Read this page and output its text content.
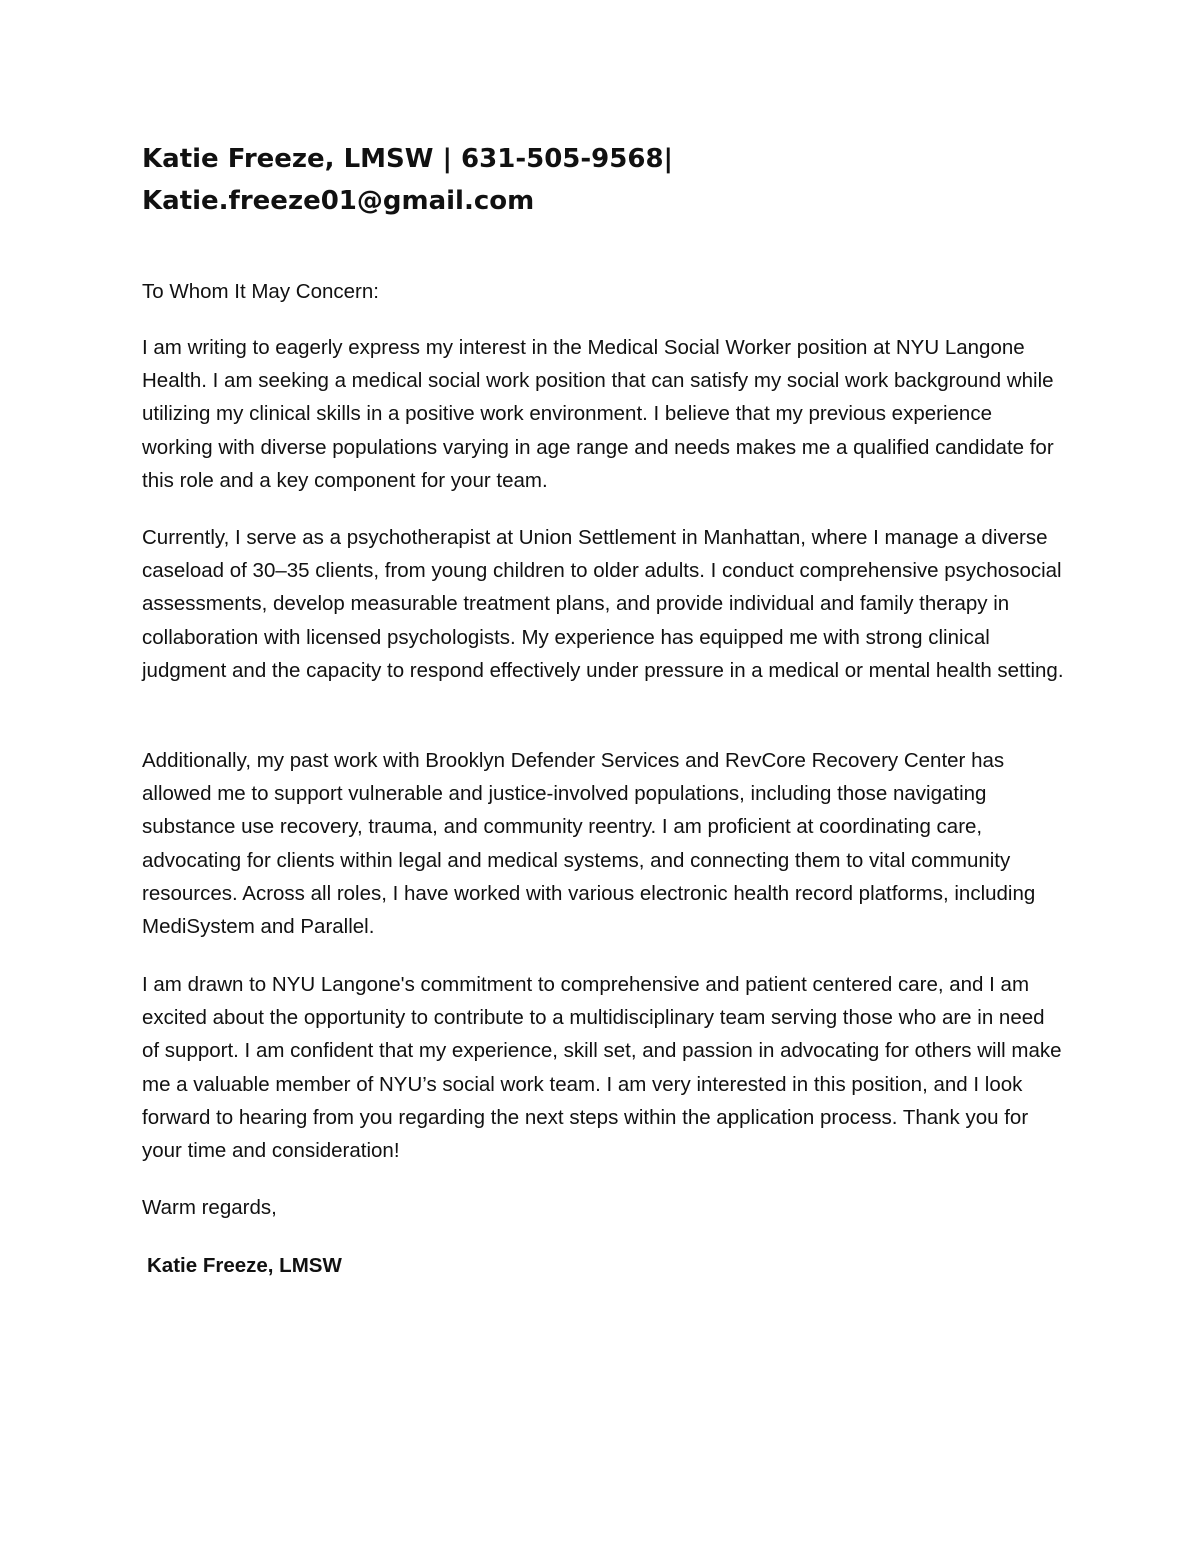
Katie Freeze, LMSW | 631-505-9568|
Katie.freeze01@gmail.com

To Whom It May Concern:

I am writing to eagerly express my interest in the Medical Social Worker position at NYU Langone Health. I am seeking a medical social work position that can satisfy my social work background while utilizing my clinical skills in a positive work environment. I believe that my previous experience working with diverse populations varying in age range and needs makes me a qualified candidate for this role and a key component for your team.

Currently, I serve as a psychotherapist at Union Settlement in Manhattan, where I manage a diverse caseload of 30–35 clients, from young children to older adults. I conduct comprehensive psychosocial assessments, develop measurable treatment plans, and provide individual and family therapy in collaboration with licensed psychologists. My experience has equipped me with strong clinical judgment and the capacity to respond effectively under pressure in a medical or mental health setting.

Additionally, my past work with Brooklyn Defender Services and RevCore Recovery Center has allowed me to support vulnerable and justice-involved populations, including those navigating substance use recovery, trauma, and community reentry. I am proficient at coordinating care, advocating for clients within legal and medical systems, and connecting them to vital community resources. Across all roles, I have worked with various electronic health record platforms, including MediSystem and Parallel.

I am drawn to NYU Langone's commitment to comprehensive and patient centered care, and I am excited about the opportunity to contribute to a multidisciplinary team serving those who are in need of support. I am confident that my experience, skill set, and passion in advocating for others will make me a valuable member of NYU’s social work team. I am very interested in this position, and I look forward to hearing from you regarding the next steps within the application process. Thank you for your time and consideration!

Warm regards,

Katie Freeze, LMSW
